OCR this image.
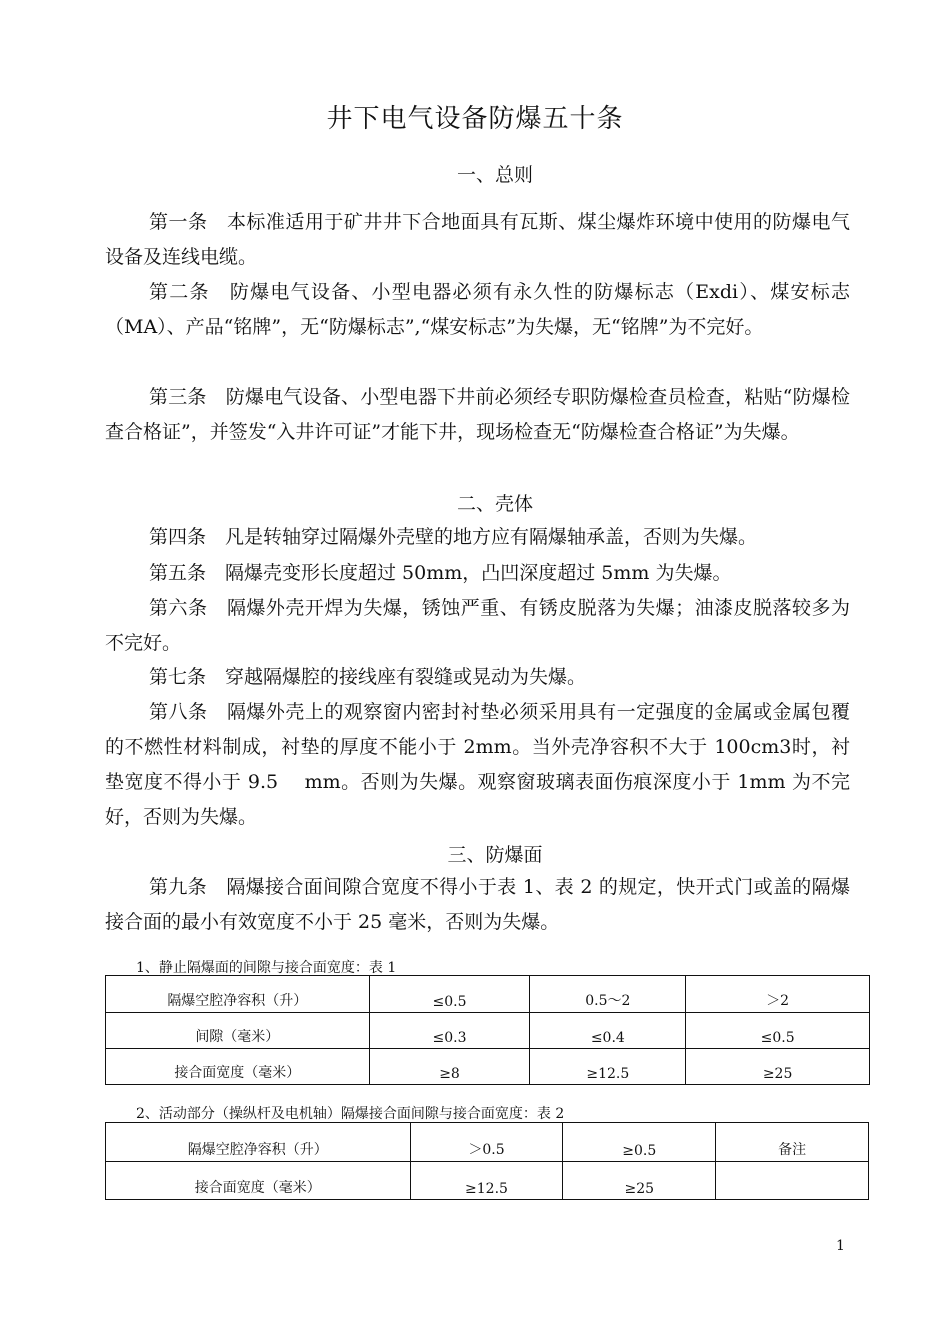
井下电气设备防爆五十条
一、总则

第一条　本标准适用于矿井井下合地面具有瓦斯、煤尘爆炸环境中使用的防爆电气设备及连线电缆。

第二条　防爆电气设备、小型电器必须有永久性的防爆标志（Exdi）、煤安标志（MA）、产品“铭牌”，无“防爆标志”,“煤安标志”为失爆，无“铭牌”为不完好。

第三条　防爆电气设备、小型电器下井前必须经专职防爆检查员检查，粘贴“防爆检查合格证”，并签发“入井许可证”才能下井，现场检查无“防爆检查合格证”为失爆。

二、壳体

第四条　凡是转轴穿过隔爆外壳壁的地方应有隔爆轴承盖，否则为失爆。

第五条　隔爆壳变形长度超过 50mm，凸凹深度超过 5mm 为失爆。

第六条　隔爆外壳开焊为失爆，锈蚀严重、有锈皮脱落为失爆；油漆皮脱落较多为不完好。

第七条　穿越隔爆腔的接线座有裂缝或晃动为失爆。

第八条　隔爆外壳上的观察窗内密封衬垫必须采用具有一定强度的金属或金属包覆的不燃性材料制成，衬垫的厚度不能小于 2mm。当外壳净容积不大于 100cm3时，衬垫宽度不得小于 9.5　 mm。否则为失爆。观察窗玻璃表面伤痕深度小于 1mm 为不完好，否则为失爆。

三、防爆面

第九条　隔爆接合面间隙合宽度不得小于表 1、表 2 的规定，快开式门或盖的隔爆接合面的最小有效宽度不小于 25 毫米，否则为失爆。

1、静止隔爆面的间隙与接合面宽度：表 1
隔爆空腔净容积（升）	≤0.5	0.5～2	＞2
间隙（毫米）	≤0.3	≤0.4	≤0.5
接合面宽度（毫米）	≥8	≥12.5	≥25
2、活动部分（操纵杆及电机轴）隔爆接合面间隙与接合面宽度：表 2
隔爆空腔净容积（升）	＞0.5	≥0.5	备注
接合面宽度（毫米）	≥12.5	≥25	
1
